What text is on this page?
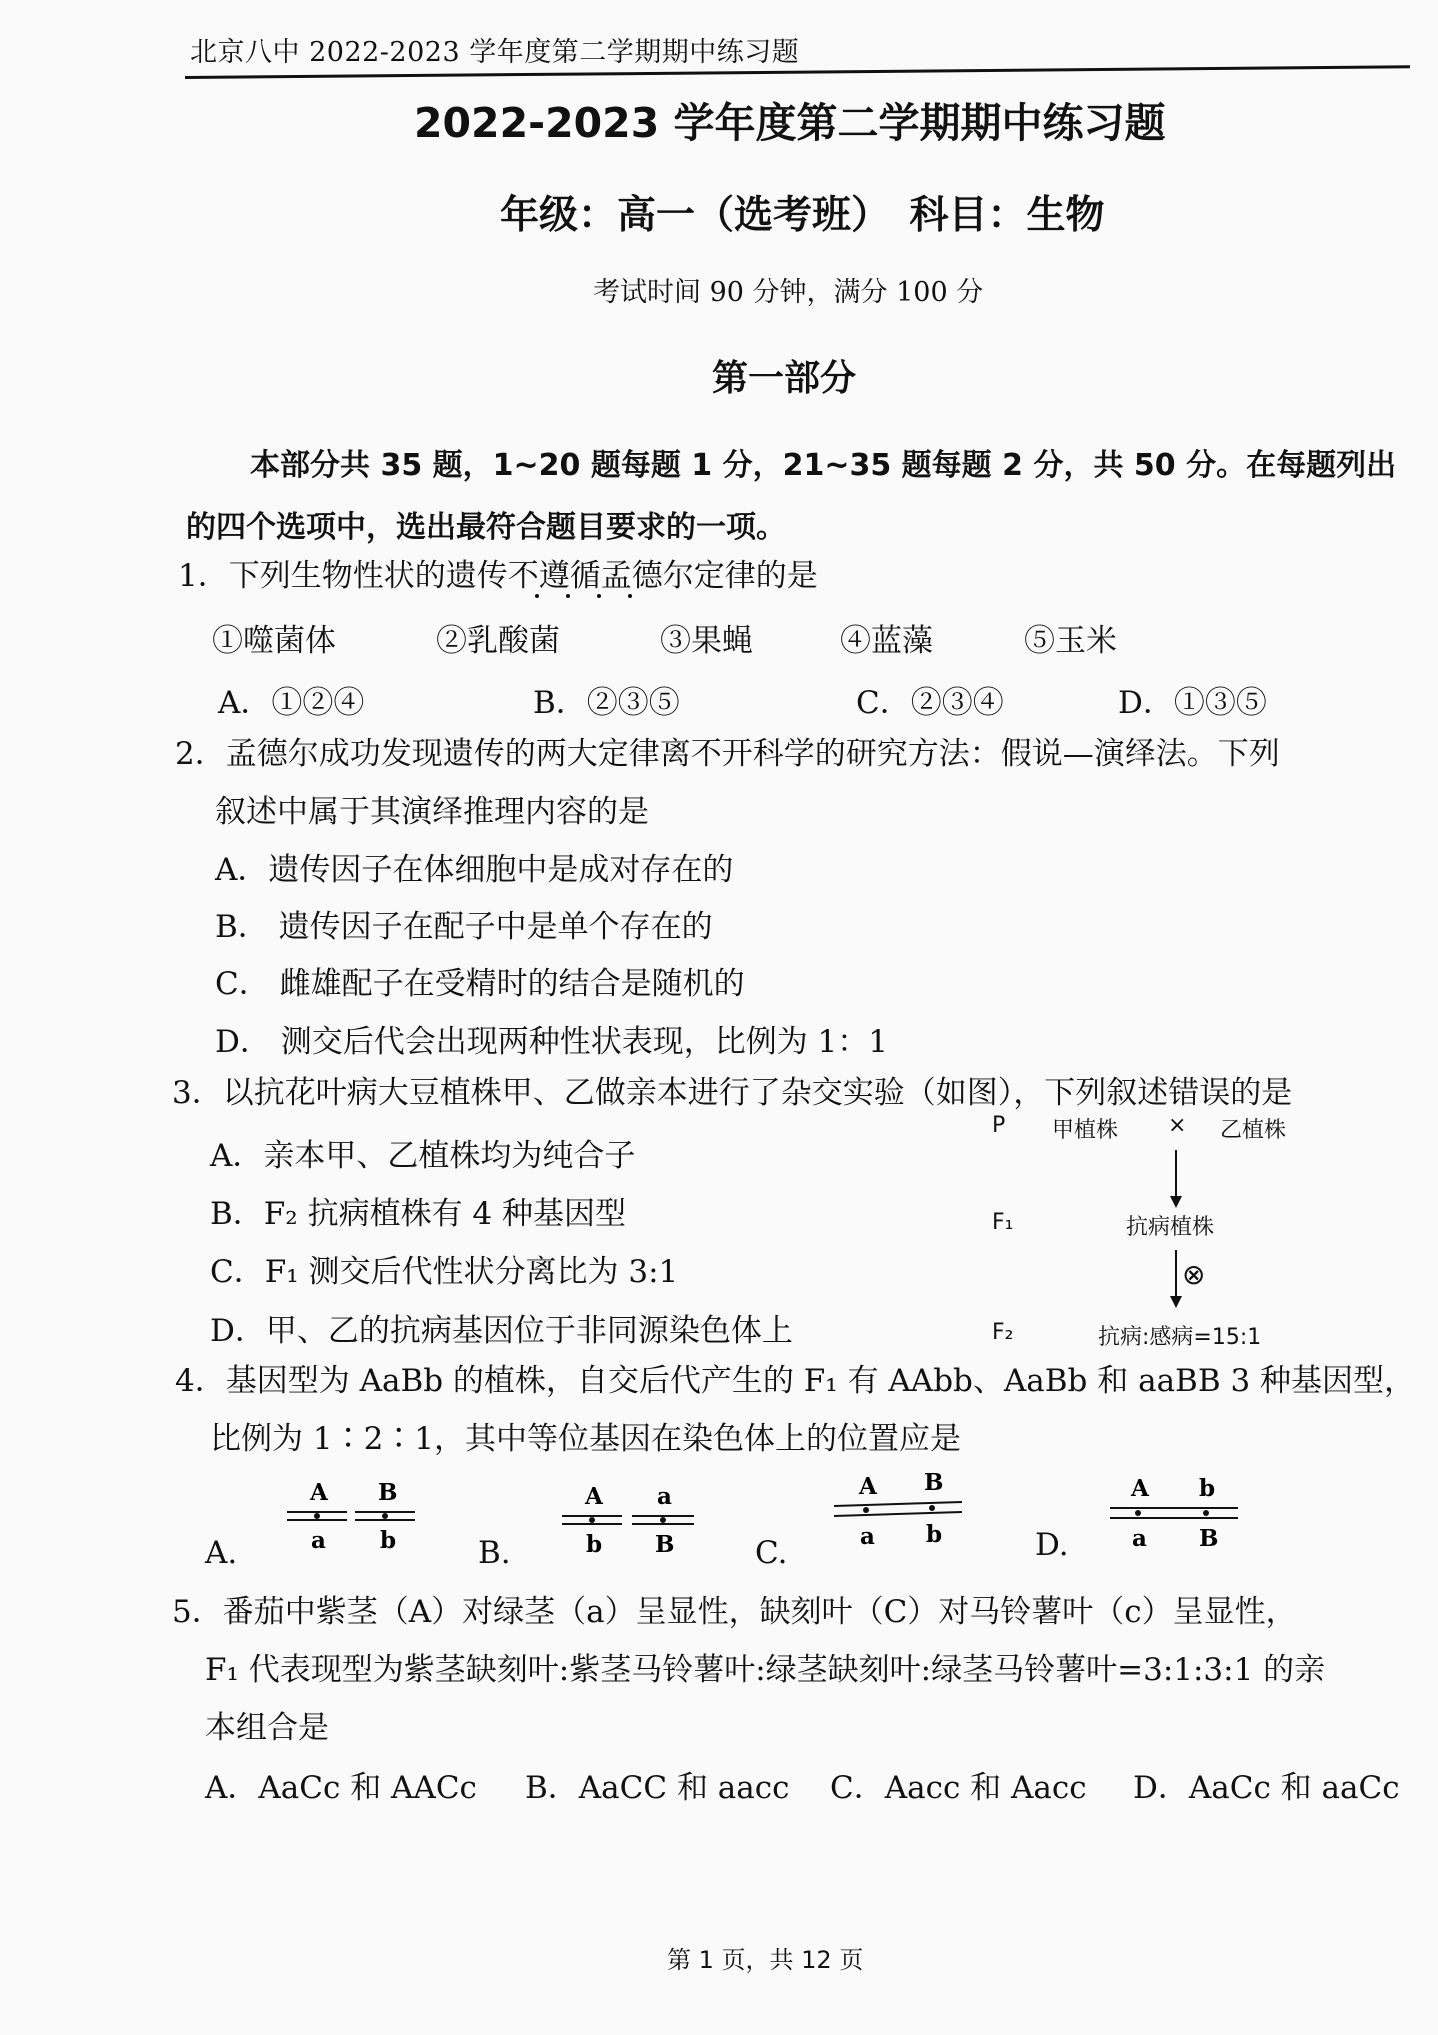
北京八中 2022-2023 学年度第二学期期中练习题
2022-2023 学年度第二学期期中练习题
年级：高一（选考班）　科目：生物
考试时间 90 分钟，满分 100 分
第一部分
本部分共 35 题，1~20 题每题 1 分，21~35 题每题 2 分，共 50 分。在每题列出
的四个选项中，选出最符合题目要求的一项。
1．下列生物性状的遗传不遵循孟德尔定律的是
①噬菌体	②乳酸菌	③果蝇	④蓝藻	⑤玉米
A．①②④	B．②③⑤	C．②③④	D．①③⑤
2．孟德尔成功发现遗传的两大定律离不开科学的研究方法：假说—演绎法。下列
叙述中属于其演绎推理内容的是
A．遗传因子在体细胞中是成对存在的
B． 遗传因子在配子中是单个存在的
C． 雌雄配子在受精时的结合是随机的
D． 测交后代会出现两种性状表现，比例为 1：1
3．以抗花叶病大豆植株甲、乙做亲本进行了杂交实验（如图），下列叙述错误的是
A．亲本甲、乙植株均为纯合子
B．F₂ 抗病植株有 4 种基因型
C．F₁ 测交后代性状分离比为 3:1
D．甲、乙的抗病基因位于非同源染色体上
P 甲植株 × 乙植株
F₁	抗病植株
⊗
F₂	抗病:感病=15:1
4．基因型为 AaBb 的植株，自交后代产生的 F₁ 有 AAbb、AaBb 和 aaBB 3 种基因型，
比例为 1∶2∶1，其中等位基因在染色体上的位置应是
A.
A B
a b	B.
A a
b B	C.
A B
a b	D.
A b
a B
5．番茄中紫茎（A）对绿茎（a）呈显性，缺刻叶（C）对马铃薯叶（c）呈显性，
F₁ 代表现型为紫茎缺刻叶:紫茎马铃薯叶:绿茎缺刻叶:绿茎马铃薯叶=3:1:3:1 的亲
本组合是
A．AaCc 和 AACc B．AaCC 和 aacc C．Aacc 和 Aacc D．AaCc 和 aaCc
第 1 页，共 12 页
